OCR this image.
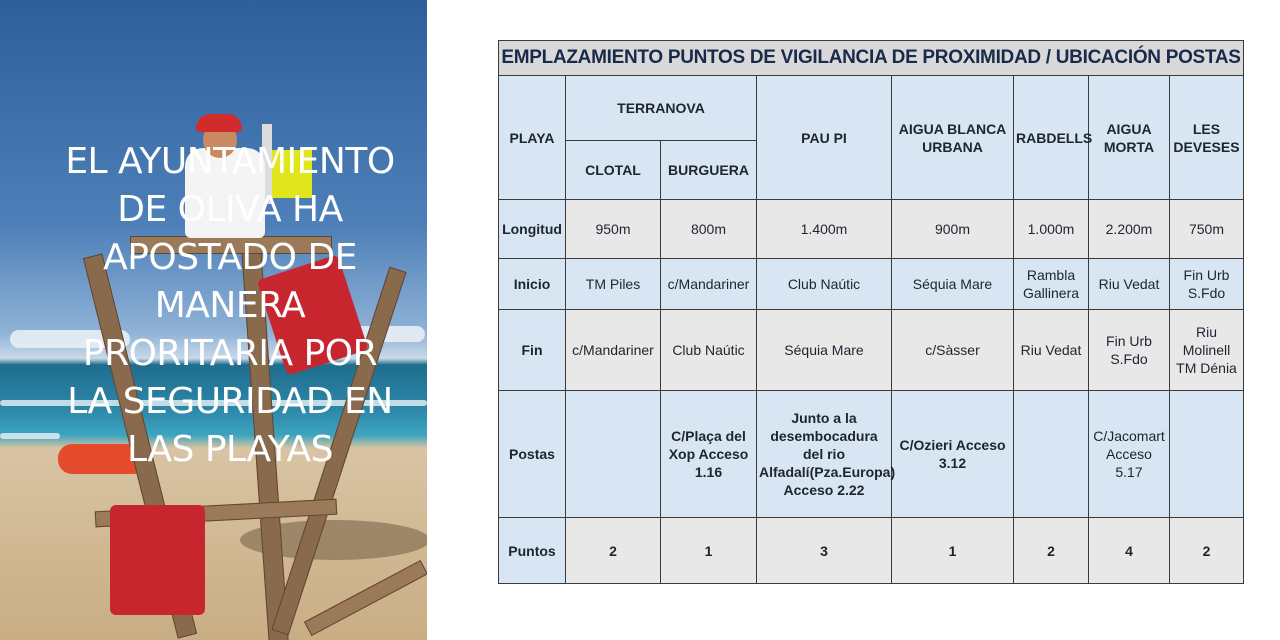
EL AYUNTAMIENTO DE OLIVA HA APOSTADO DE MANERA PRORITARIA POR LA SEGURIDAD EN LAS PLAYAS
EMPLAZAMIENTO PUNTOS DE VIGILANCIA DE PROXIMIDAD / UBICACIÓN POSTAS							
PLAYA	TERRANOVA		PAU PI	AIGUA BLANCA URBANA	RABDELLS	AIGUA MORTA	LES DEVESES
	CLOTAL	BURGUERA					
Longitud	950m	800m	1.400m	900m	1.000m	2.200m	750m
Inicio	TM Piles	c/Mandariner	Club Naútic	Séquia Mare	Rambla Gallinera	Riu Vedat	Fin Urb S.Fdo
Fin	c/Mandariner	Club Naútic	Séquia Mare	c/Sàsser	Riu Vedat	Fin Urb S.Fdo	Riu Molinell TM Dénia
Postas		C/Plaça del Xop Acceso 1.16	Junto a la desembocadura del rio Alfadalí(Pza.Europa) Acceso 2.22	C/Ozieri Acceso 3.12		C/Jacomart Acceso 5.17	
Puntos	2	1	3	1	2	4	2
